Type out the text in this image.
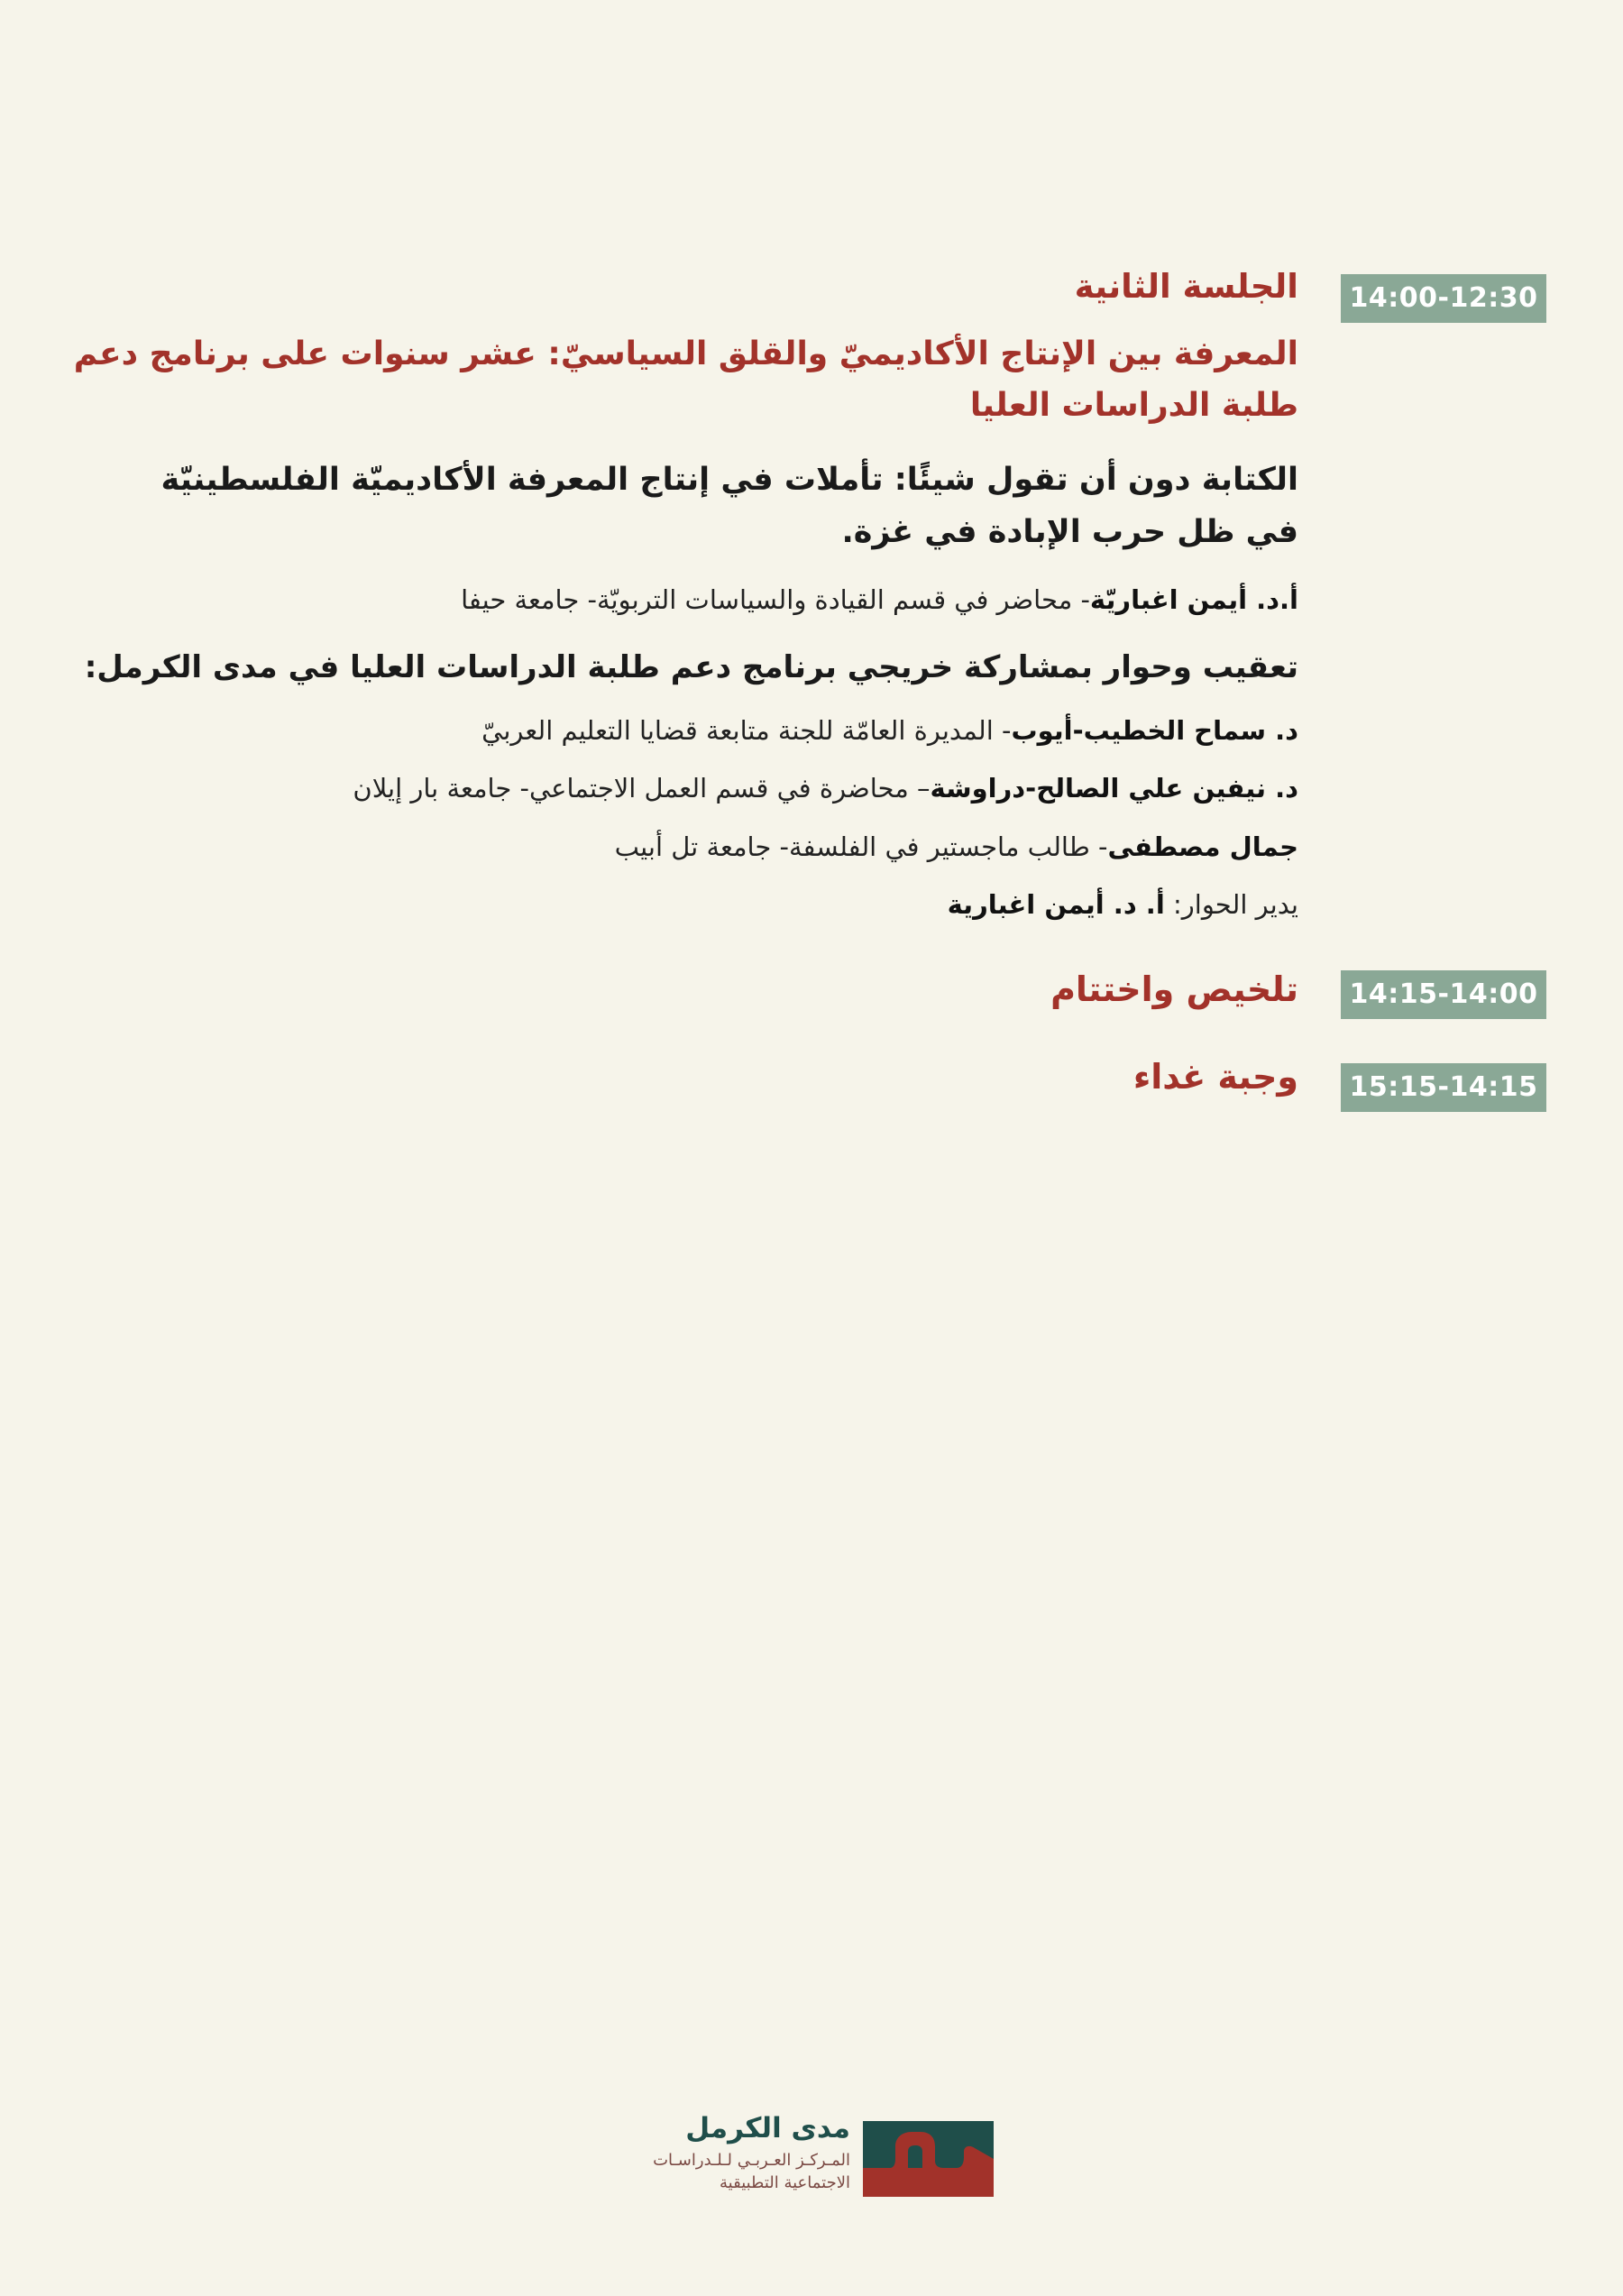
14:00-12:30
الجلسة الثانية
المعرفة بين الإنتاج الأكاديميّ والقلق السياسيّ: عشر سنوات على برنامج دعم
طلبة الدراسات العليا
الكتابة دون أن تقول شيئًا: تأملات في إنتاج المعرفة الأكاديميّة الفلسطينيّة
في ظل حرب الإبادة في غزة.
أ.د. أيمن اغباريّة- محاضر في قسم القيادة والسياسات التربويّة- جامعة حيفا
تعقيب وحوار بمشاركة خريجي برنامج دعم طلبة الدراسات العليا في مدى الكرمل:
د. سماح الخطيب-أيوب- المديرة العامّة للجنة متابعة قضايا التعليم العربيّ
د. نيفين علي الصالح-دراوشة– محاضرة في قسم العمل الاجتماعي- جامعة بار إيلان
جمال مصطفى- طالب ماجستير في الفلسفة- جامعة تل أبيب
يدير الحوار: أ. د. أيمن اغبارية
14:15-14:00
تلخيص واختتام
15:15-14:15
وجبة غداء
مدى الكرمل
المـركـز العـربـي لـلـدراسـات
الاجتماعية التطبيقية
